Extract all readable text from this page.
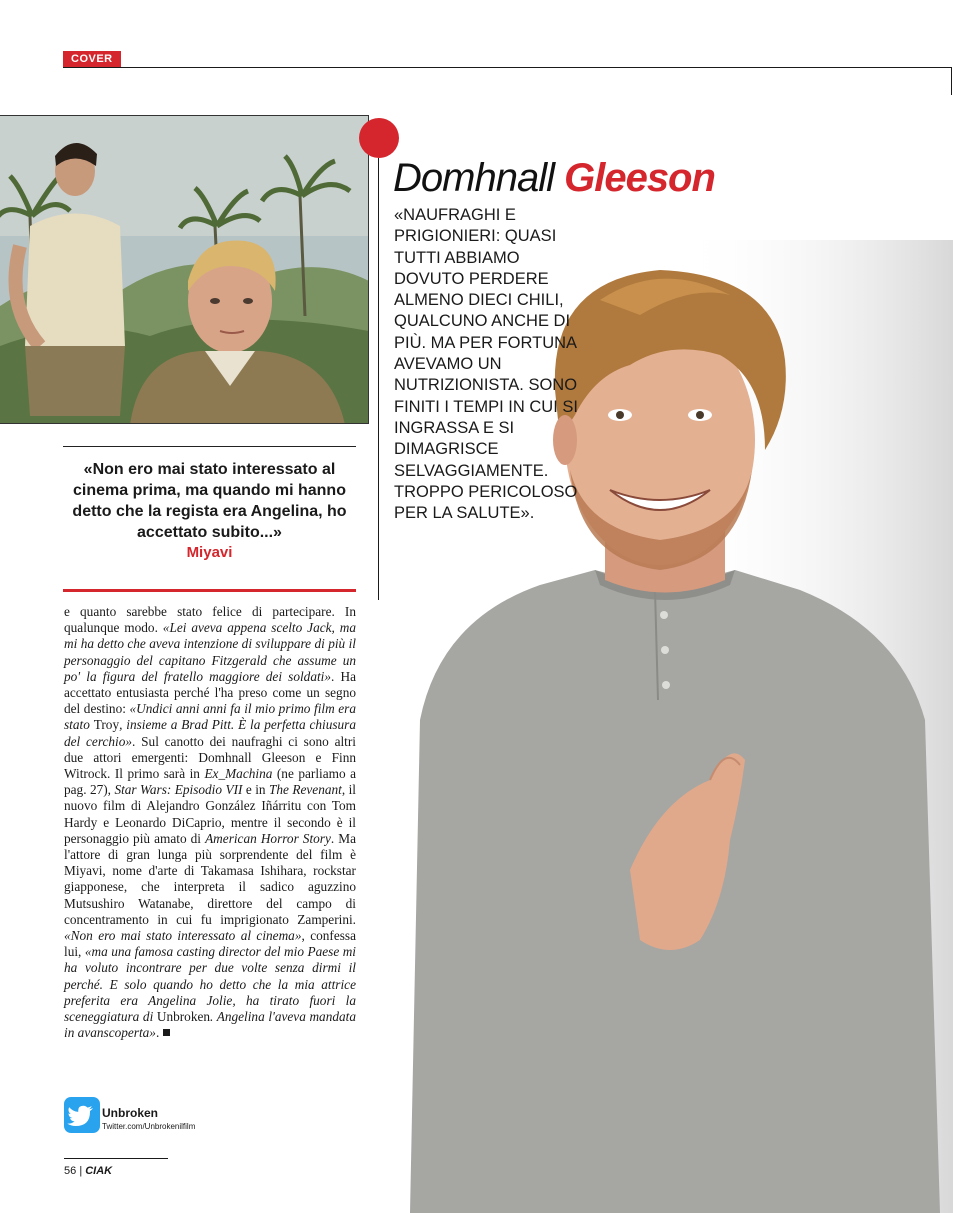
COVER
«Non ero mai stato interessato al cinema prima, ma quando mi hanno detto che la regista era Angelina, ho accettato subito...»
Miyavi

e quanto sarebbe stato felice di partecipare. In qualunque modo. «Lei aveva appena scelto Jack, ma mi ha detto che aveva intenzione di sviluppare di più il personaggio del capitano Fitzgerald che assume un po' la figura del fratello maggiore dei soldati». Ha accettato entusiasta perché l'ha preso come un segno del destino: «Undici anni anni fa il mio primo film era stato Troy, insieme a Brad Pitt. È la perfetta chiusura del cerchio». Sul canotto dei naufraghi ci sono altri due attori emergenti: Domhnall Gleeson e Finn Witrock. Il primo sarà in Ex_Machina (ne parliamo a pag. 27), Star Wars: Episodio VII e in The Revenant, il nuovo film di Alejandro González Iñárritu con Tom Hardy e Leonardo DiCaprio, mentre il secondo è il personaggio più amato di American Horror Story. Ma l'attore di gran lunga più sorprendente del film è Miyavi, nome d'arte di Takamasa Ishihara, rockstar giapponese, che interpreta il sadico aguzzino Mutsushiro Watanabe, direttore del campo di concentramento in cui fu imprigionato Zamperini. «Non ero mai stato interessato al cinema», confessa lui, «ma una famosa casting director del mio Paese mi ha voluto incontrare per due volte senza dirmi il perché. E solo quando ho detto che la mia attrice preferita era Angelina Jolie, ha tirato fuori la sceneggiatura di Unbroken. Angelina l'aveva mandata in avanscoperta».

Unbroken
Twitter.com/Unbrokenilfilm
56 | CIAK
Domhnall Gleeson
«NAUFRAGHI E PRIGIONIERI: QUASI TUTTI ABBIAMO DOVUTO PERDERE ALMENO DIECI CHILI, QUALCUNO ANCHE DI PIÙ. MA PER FORTUNA AVEVAMO UN NUTRIZIONISTA. SONO FINITI I TEMPI IN CUI SI INGRASSA E SI DIMAGRISCE SELVAGGIAMENTE. TROPPO PERICOLOSO PER LA SALUTE».
